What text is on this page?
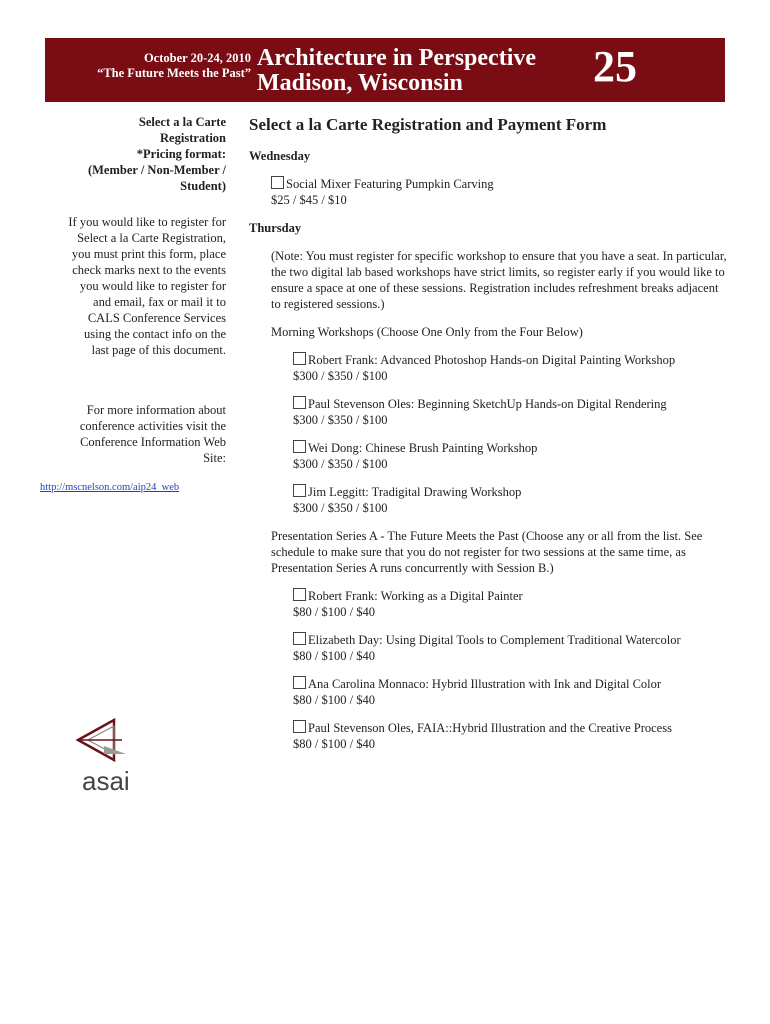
October 20-24, 2010
“The Future Meets the Past”
Architecture in Perspective
Madison, Wisconsin	25

Select a la Carte

Registration

*Pricing format:

(Member / Non-Member /

Student)

If you would like to register for

Select a la Carte Registration,

you must print this form, place

check marks next to the events

you would like to register for

and email, fax or mail it to

CALS Conference Services

using the contact info on the

last page of this document.

For more information about

conference activities visit the

Conference Information Web

Site:

http://mscnelson.com/aip24_web
asai
Select a la Carte Registration and Payment Form
Wednesday
Social Mixer Featuring Pumpkin Carving
$25 / $45 / $10
Thursday
(Note: You must register for specific workshop to ensure that you have a seat. In particular, the two digital lab based workshops have strict limits, so register early if you would like to ensure a space at one of these sessions. Registration includes refreshment breaks adjacent to registered sessions.)
Morning Workshops (Choose One Only from the Four Below)
Robert Frank: Advanced Photoshop Hands-on Digital Painting Workshop
$300 / $350 / $100
Paul Stevenson Oles: Beginning SketchUp Hands-on Digital Rendering
$300 / $350 / $100
Wei Dong: Chinese Brush Painting Workshop
$300 / $350 / $100
Jim Leggitt: Tradigital Drawing Workshop
$300 / $350 / $100
Presentation Series A - The Future Meets the Past (Choose any or all from the list. See schedule to make sure that you do not register for two sessions at the same time, as Presentation Series A runs concurrently with Session B.)
Robert Frank: Working as a Digital Painter
$80 / $100 / $40
Elizabeth Day: Using Digital Tools to Complement Traditional Watercolor
$80 / $100 / $40
Ana Carolina Monnaco: Hybrid Illustration with Ink and Digital Color
$80 / $100 / $40
Paul Stevenson Oles, FAIA::Hybrid Illustration and the Creative Process
$80 / $100 / $40
